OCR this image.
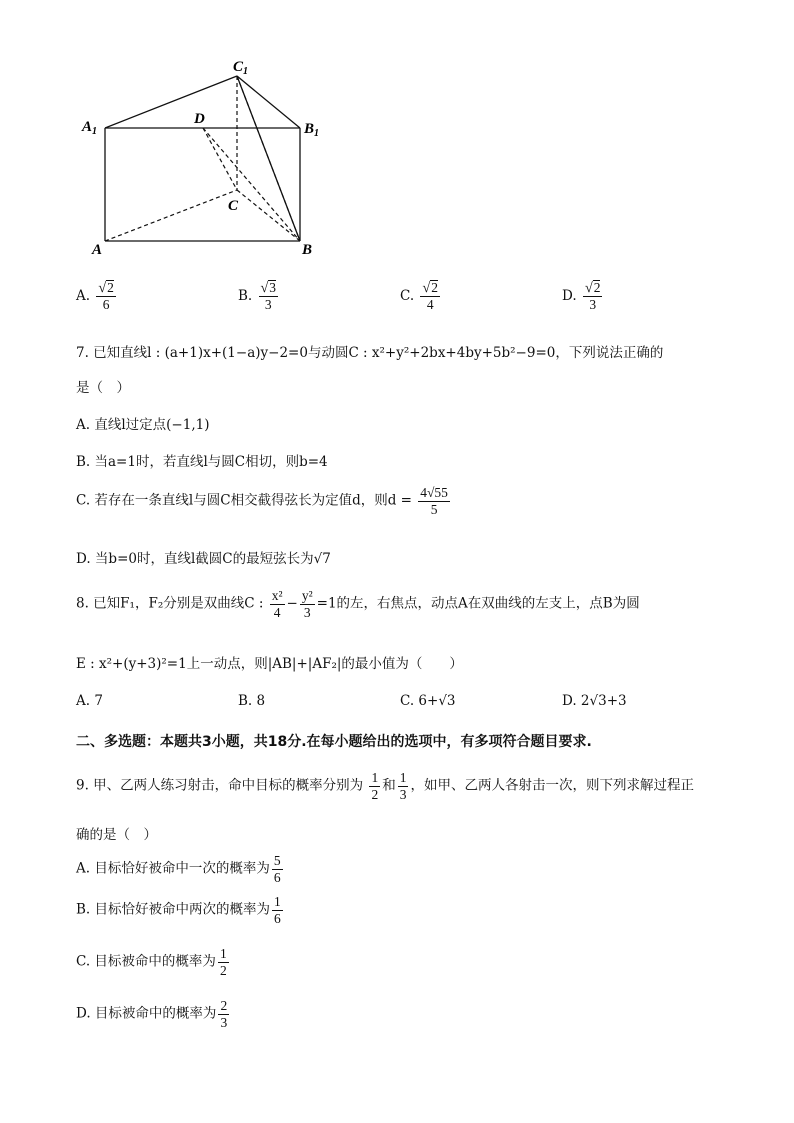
$C_1$
$A_1$	$B_1$
D
C
A	B
A. $\frac{√ 2}{6}$	B. $\frac{√ 3}{3}$	C. $\frac{√ 2}{4}$	D. $\frac{√ 2}{3}$
7. 已知直线l : (a+1)x+(1−a)y−2=0与动圆C : x²+y²+2bx+4by+5b²−9=0，下列说法正确的
是（　）
A. 直线l过定点(−1,1)
B. 当a=1时，若直线l与圆C相切，则b=4
C. 若存在一条直线l与圆C相交截得弦长为定值d，则$d = \frac{4√55}{5}$
D. 当b=0时，直线l截圆C的最短弦长为√7
8. 已知F₁，F₂分别是双曲线C : $\frac{\text{x²}}{4} - \frac{\text{y²}}{3} =1$的左，右焦点，动点A在双曲线的左支上，点B为圆
E : x²+(y+3)²=1上一动点，则|AB|+|AF₂|的最小值为（　　）
A. 7	B. 8	C. 6+√3	D. 2√3+3
二、多选题：本题共3小题，共18分.在每小题给出的选项中，有多项符合题目要求.
9. 甲、乙两人练习射击，命中目标的概率分别为 $\frac{1}{2}$ 和 $\frac{1}{3}$ ，如甲、乙两人各射击一次，则下列求解过程正
确的是（　）
A. 目标恰好被命中一次的概率为 $\frac{5}{6}$
B. 目标恰好被命中两次的概率为 $\frac{1}{6}$
C. 目标被命中的概率为 $\frac{1}{2}$
D. 目标被命中的概率为 $\frac{2}{3}$
